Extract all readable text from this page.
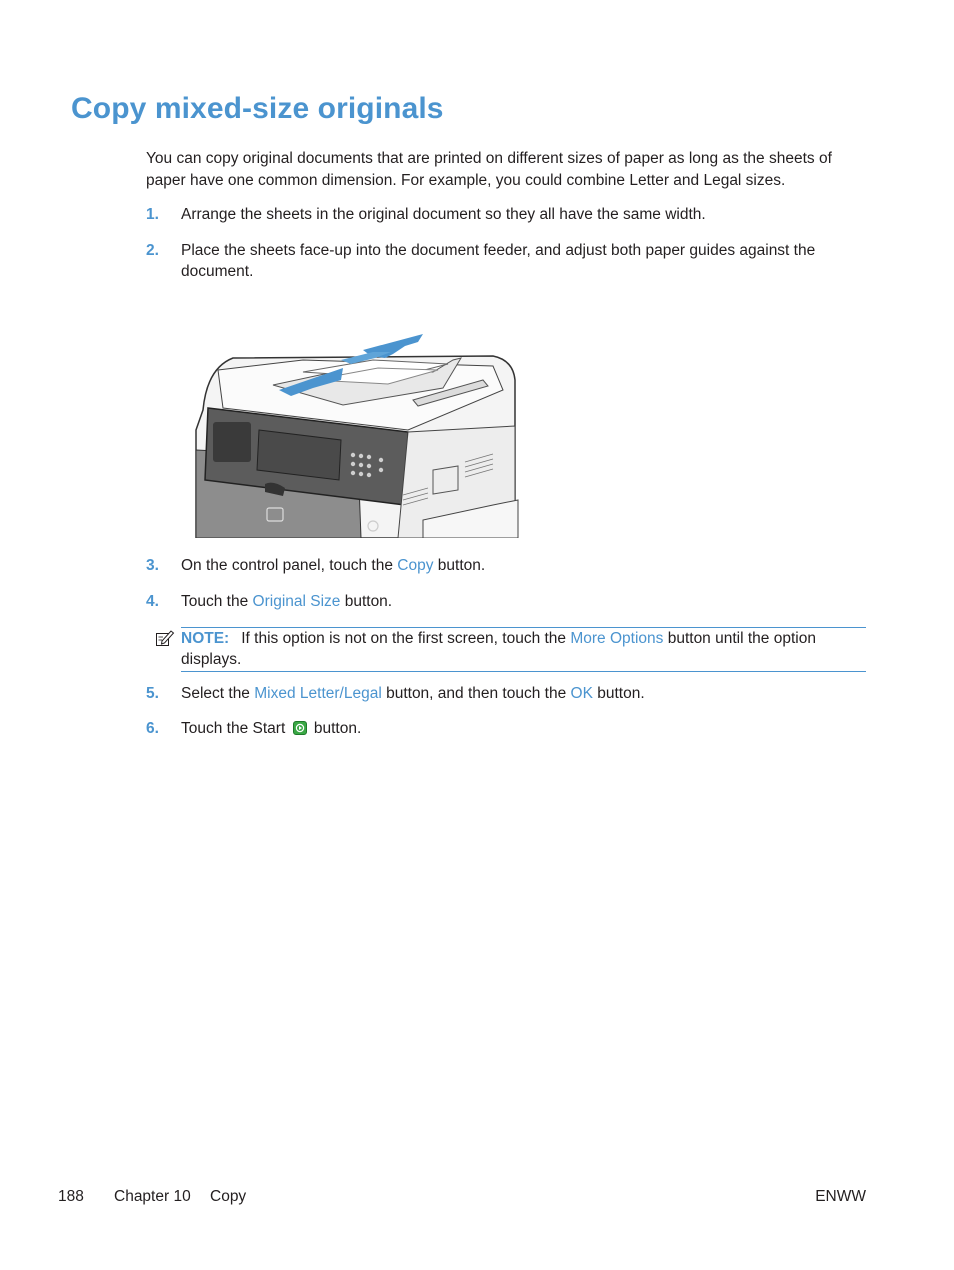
Copy mixed-size originals

You can copy original documents that are printed on different sizes of paper as long as the sheets of paper have one common dimension. For example, you could combine Letter and Legal sizes.

1. Arrange the sheets in the original document so they all have the same width.
2. Place the sheets face-up into the document feeder, and adjust both paper guides against the document.
3. On the control panel, touch the Copy button.
4. Touch the Original Size button.
NOTE: If this option is not on the first screen, touch the More Options button until the option displays.
5. Select the Mixed Letter/Legal button, and then touch the OK button.
6. Touch the Start  button.
188 Chapter 10 Copy	ENWW
